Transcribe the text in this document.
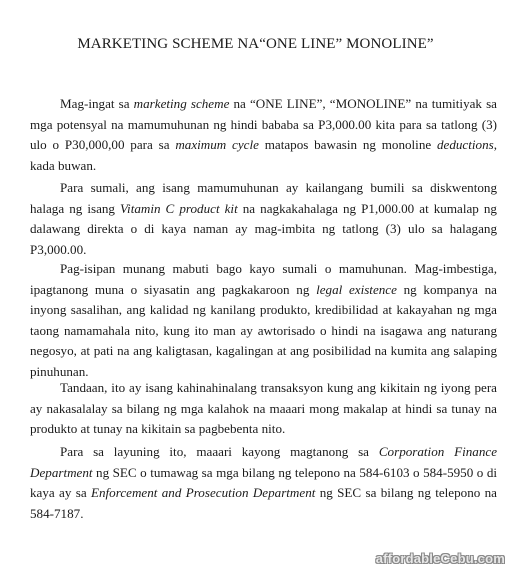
MARKETING SCHEME NA“ONE LINE” MONOLINE”

Mag-ingat sa marketing scheme na “ONE LINE”, “MONOLINE” na tumitiyak sa mga potensyal na mamumuhunan ng hindi bababa sa P3,000.00 kita para sa tatlong (3) ulo o P30,000,00 para sa maximum cycle matapos bawasin ng monoline deductions, kada buwan.

Para sumali, ang isang mamumuhunan ay kailangang bumili sa diskwentong halaga ng isang Vitamin C product kit na nagkakahalaga ng P1,000.00 at kumalap ng dalawang direkta o di kaya naman ay mag-imbita ng tatlong (3) ulo sa halagang P3,000.00.

Pag-isipan munang mabuti bago kayo sumali o mamuhunan. Mag-imbestiga, ipagtanong muna o siyasatin ang pagkakaroon ng legal existence ng kompanya na inyong sasalihan, ang kalidad ng kanilang produkto, kredibilidad at kakayahan ng mga taong namamahala nito, kung ito man ay awtorisado o hindi na isagawa ang naturang negosyo, at pati na ang kaligtasan, kagalingan at ang posibilidad na kumita ang salaping pinuhunan.

Tandaan, ito ay isang kahinahinalang transaksyon kung ang kikitain ng iyong pera ay nakasalalay sa bilang ng mga kalahok na maaari mong makalap at hindi sa tunay na produkto at tunay na kikitain sa pagbebenta nito.

Para sa layuning ito, maaari kayong magtanong sa Corporation Finance Department ng SEC o tumawag sa mga bilang ng telepono na 584-6103 o 584-5950 o di kaya ay sa Enforcement and Prosecution Department ng SEC sa bilang ng telepono na 584-7187.

affordableCebu.com
